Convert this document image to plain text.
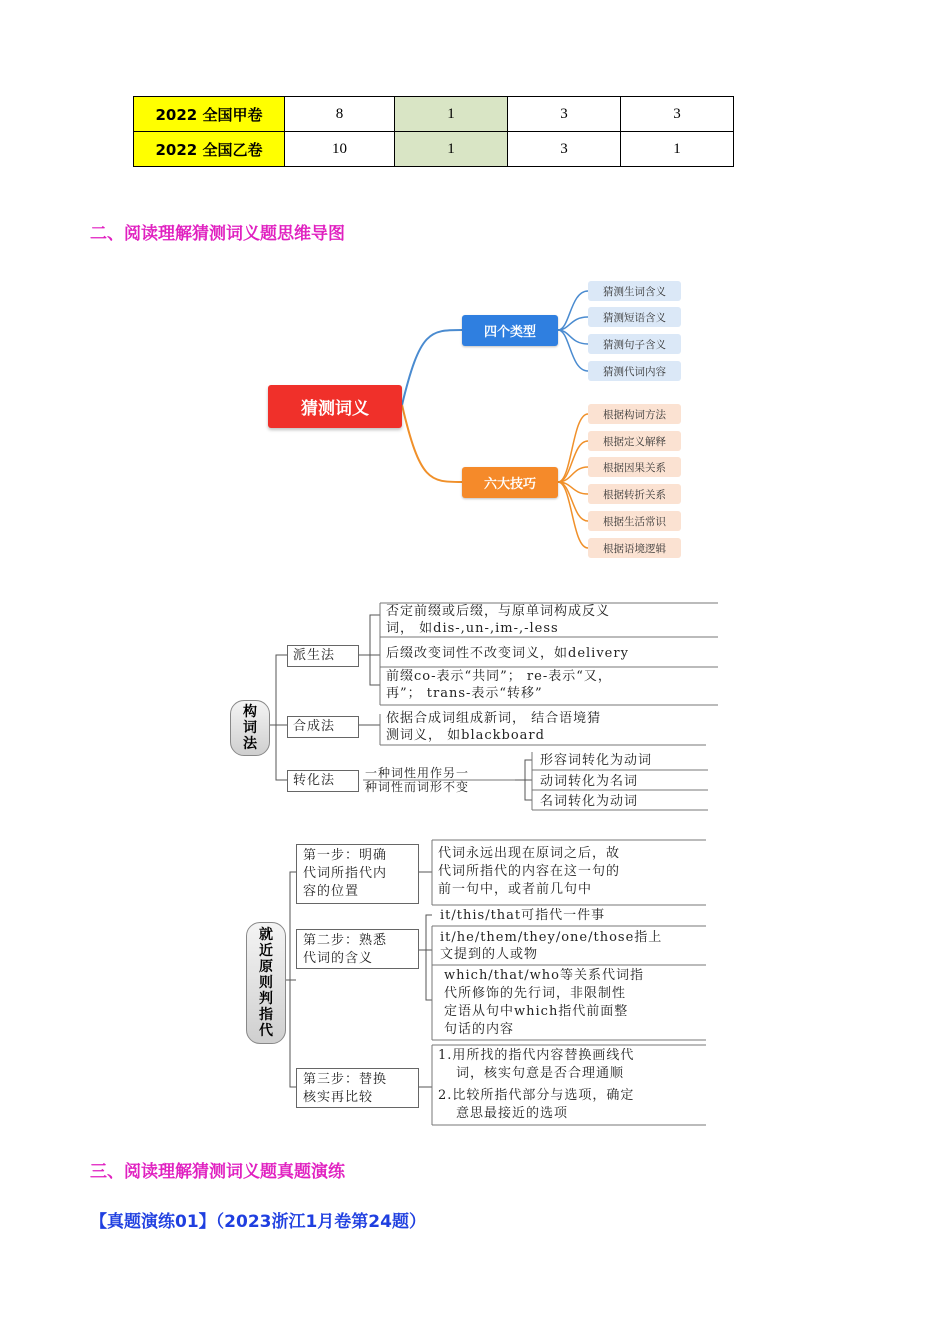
2022 全国甲卷	8	1	3	3
2022 全国乙卷	10	1	3	1
二、阅读理解猜测词义题思维导图
猜测词义
四个类型
六大技巧
猜测生词含义
猜测短语含义
猜测句子含义
猜测代词内容
根据构词方法
根据定义解释
根据因果关系
根据转折关系
根据生活常识
根据语境逻辑
构
词
法
派生法
否定前缀或后缀，与原单词构成反义
词， 如dis-,un-,im-,-less
后缀改变词性不改变词义，如delivery
前缀co-表示“共同”； re-表示“又，
再”； trans-表示“转移”
合成法
依据合成词组成新词， 结合语境猜
测词义， 如blackboard
转化法 一种词性用作另一
种词性而词形不变
形容词转化为动词
动词转化为名词
名词转化为动词
就
近
原
则
判
指
代
第一步：明确
代词所指代内
容的位置
代词永远出现在原词之后，故
代词所指代的内容在这一句的
前一句中，或者前几句中
第二步：熟悉
代词的含义
it/this/that可指代一件事
it/he/them/they/one/those指上
文提到的人或物
which/that/who等关系代词指
代所修饰的先行词，非限制性
定语从句中which指代前面整
句话的内容
第三步：替换
核实再比较
1.用所找的指代内容替换画线代
词，核实句意是否合理通顺
2.比较所指代部分与选项，确定
意思最接近的选项
三、阅读理解猜测词义题真题演练
【真题演练01】（2023浙江1月卷第24题）
